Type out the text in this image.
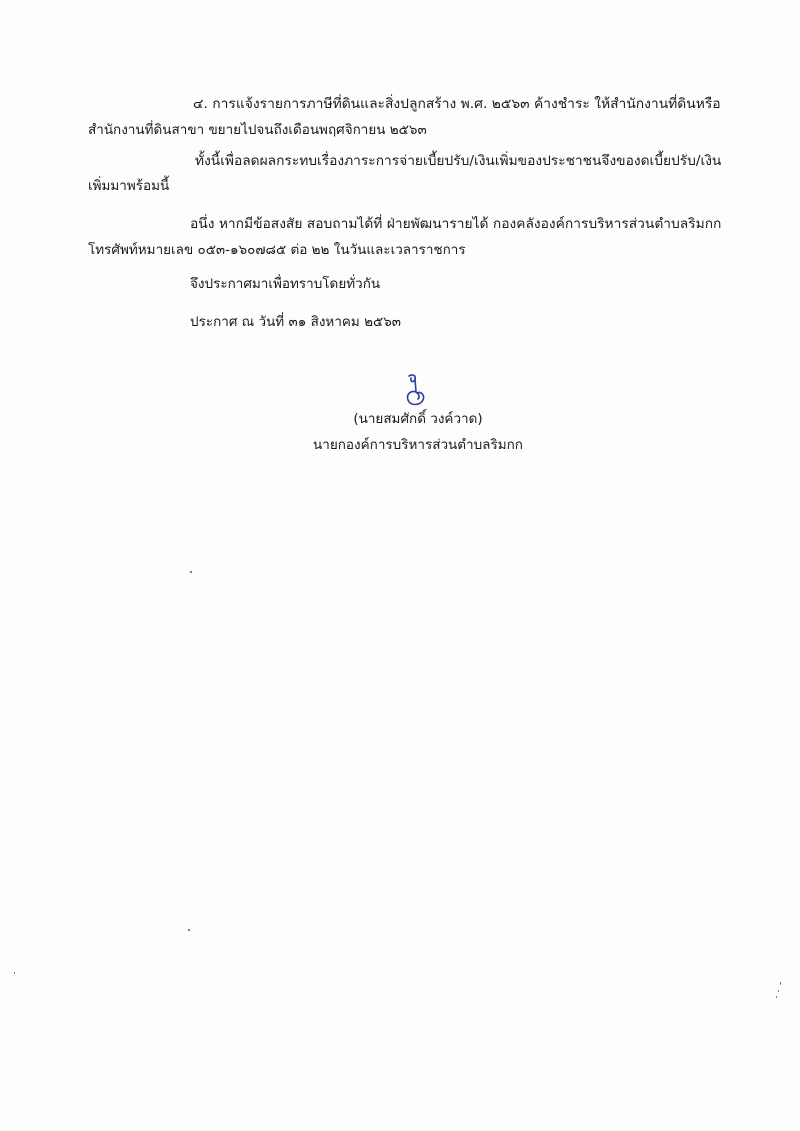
๔. การแจ้งรายการภาษีที่ดินและสิ่งปลูกสร้าง พ.ศ. ๒๕๖๓ ค้างชำระ ให้สำนักงานที่ดินหรือ
สำนักงานที่ดินสาขา ขยายไปจนถึงเดือนพฤศจิกายน ๒๕๖๓
ทั้งนี้เพื่อลดผลกระทบเรื่องภาระการจ่ายเบี้ยปรับ/เงินเพิ่มของประชาชนจึงของดเบี้ยปรับ/เงิน
เพิ่มมาพร้อมนี้
อนึ่ง หากมีข้อสงสัย สอบถามได้ที่ ฝ่ายพัฒนารายได้ กองคลังองค์การบริหารส่วนตำบลริมกก
โทรศัพท์หมายเลข ๐๕๓-๑๖๐๗๘๕ ต่อ ๒๒ ในวันและเวลาราชการ
จึงประกาศมาเพื่อทราบโดยทั่วกัน
ประกาศ ณ วันที่ ๓๑ สิงหาคม ๒๕๖๓
(นายสมศักดิ์ วงค์วาด)
นายกองค์การบริหารส่วนตำบลริมกก
